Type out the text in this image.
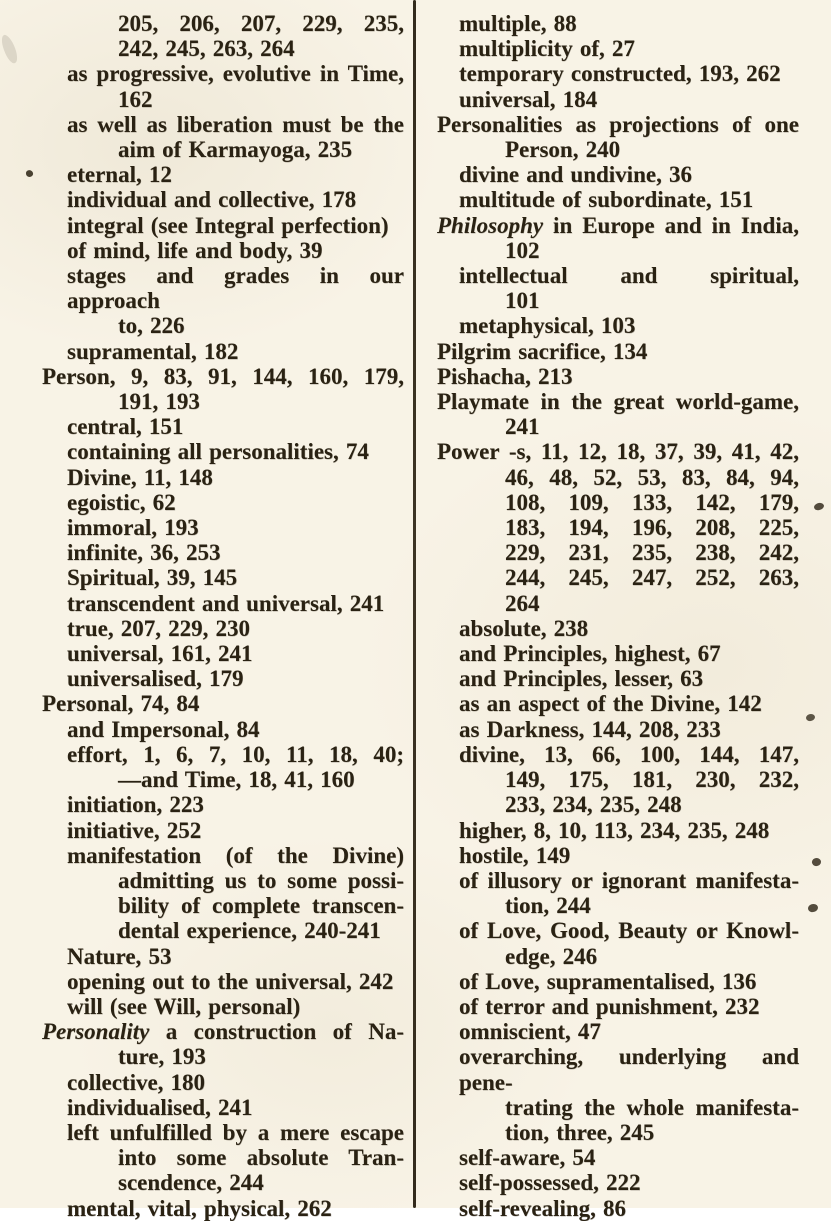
205, 206, 207, 229, 235,
242, 245, 263, 264
as progressive, evolutive in Time,
162
as well as liberation must be the
aim of Karmayoga, 235
eternal, 12
individual and collective, 178
integral (see Integral perfection)
of mind, life and body, 39
stages and grades in our approach
to, 226
supramental, 182
Person, 9, 83, 91, 144, 160, 179,
191, 193
central, 151
containing all personalities, 74
Divine, 11, 148
egoistic, 62
immoral, 193
infinite, 36, 253
Spiritual, 39, 145
transcendent and universal, 241
true, 207, 229, 230
universal, 161, 241
universalised, 179
Personal, 74, 84
and Impersonal, 84
effort, 1, 6, 7, 10, 11, 18, 40;
—and Time, 18, 41, 160
initiation, 223
initiative, 252
manifestation (of the Divine)
admitting us to some possi-
bility of complete transcen-
dental experience, 240-241
Nature, 53
opening out to the universal, 242
will (see Will, personal)
Personality a construction of Na-
ture, 193
collective, 180
individualised, 241
left unfulfilled by a mere escape
into some absolute Tran-
scendence, 244
mental, vital, physical, 262
multiple, 88
multiplicity of, 27
temporary constructed, 193, 262
universal, 184
Personalities as projections of one
Person, 240
divine and undivine, 36
multitude of subordinate, 151
Philosophy in Europe and in India,
102
intellectual and spiritual,
101
metaphysical, 103
Pilgrim sacrifice, 134
Pishacha, 213
Playmate in the great world-game,
241
Power -s, 11, 12, 18, 37, 39, 41, 42,
46, 48, 52, 53, 83, 84, 94,
108, 109, 133, 142, 179,
183, 194, 196, 208, 225,
229, 231, 235, 238, 242,
244, 245, 247, 252, 263,
264
absolute, 238
and Principles, highest, 67
and Principles, lesser, 63
as an aspect of the Divine, 142
as Darkness, 144, 208, 233
divine, 13, 66, 100, 144, 147,
149, 175, 181, 230, 232,
233, 234, 235, 248
higher, 8, 10, 113, 234, 235, 248
hostile, 149
of illusory or ignorant manifesta-
tion, 244
of Love, Good, Beauty or Knowl-
edge, 246
of Love, supramentalised, 136
of terror and punishment, 232
omniscient, 47
overarching, underlying and pene-
trating the whole manifesta-
tion, three, 245
self-aware, 54
self-possessed, 222
self-revealing, 86
